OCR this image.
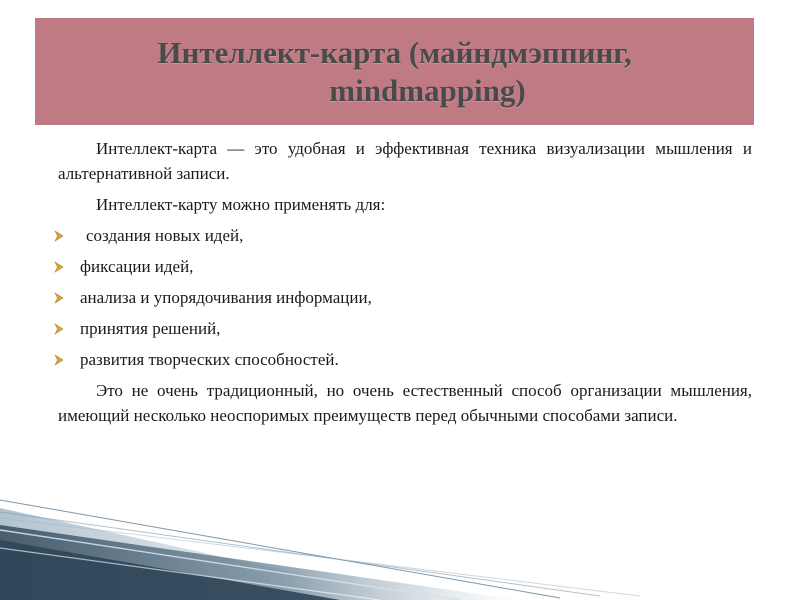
Интеллект-карта (майндмэппинг,
mindmapping)

Интеллект-карта — это удобная и эффективная техника визуализации мышления и альтернативной записи.

Интеллект-карту можно применять для:

создания новых идей,
фиксации идей,
анализа и упорядочивания информации,
принятия решений,
развития творческих способностей.

Это не очень традиционный, но очень естественный способ организации мышления, имеющий несколько неоспоримых преимуществ перед обычными способами записи.
